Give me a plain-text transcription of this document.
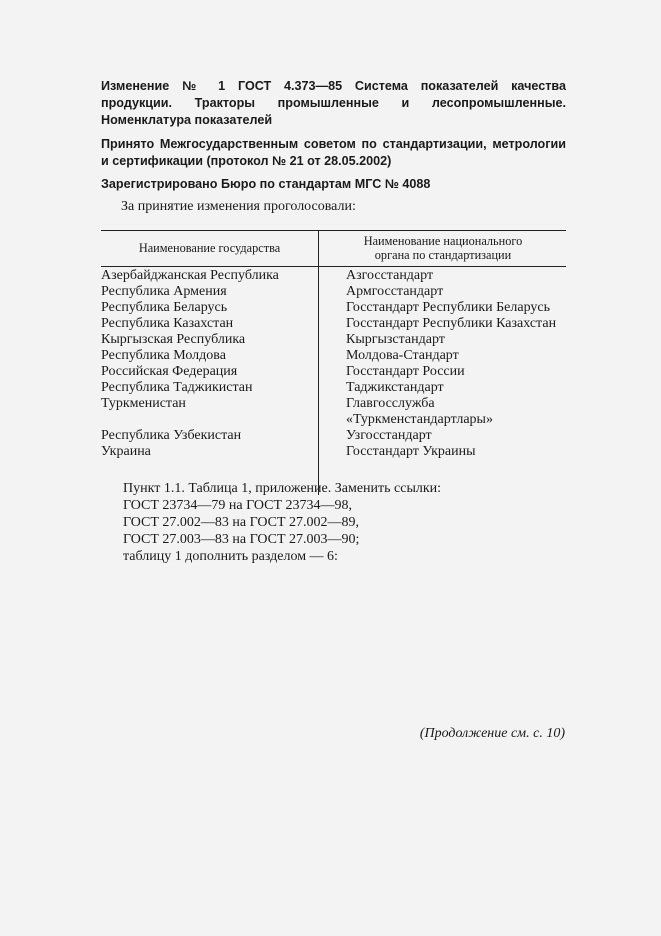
Изменение № 1 ГОСТ 4.373—85 Система показателей качества продукции. Тракторы промышленные и лесопромышленные. Номенклатура показателей

Принято Межгосударственным советом по стандартизации, метрологии и сертификации (протокол № 21 от 28.05.2002)

Зарегистрировано Бюро по стандартам МГС № 4088

За принятие изменения проголосовали:
Наименование государства	Наименование национального
органа по стандартизации
Азербайджанская Республика	Азгосстандарт
Республика Армения	Армгосстандарт
Республика Беларусь	Госстандарт Республики Беларусь
Республика Казахстан	Госстандарт Республики Казахстан
Кыргызская Республика	Кыргызстандарт
Республика Молдова	Молдова-Стандарт
Российская Федерация	Госстандарт России
Республика Таджикистан	Таджикстандарт
Туркменистан	Главгосслужба «Туркменстандартлары»
Республика Узбекистан	Узгосстандарт
Украина	Госстандарт Украины

Пункт 1.1. Таблица 1, приложение. Заменить ссылки:

ГОСТ 23734—79 на ГОСТ 23734—98,

ГОСТ 27.002—83 на ГОСТ 27.002—89,

ГОСТ 27.003—83 на ГОСТ 27.003—90;

таблицу 1 дополнить разделом — 6:

(Продолжение см. с. 10)
